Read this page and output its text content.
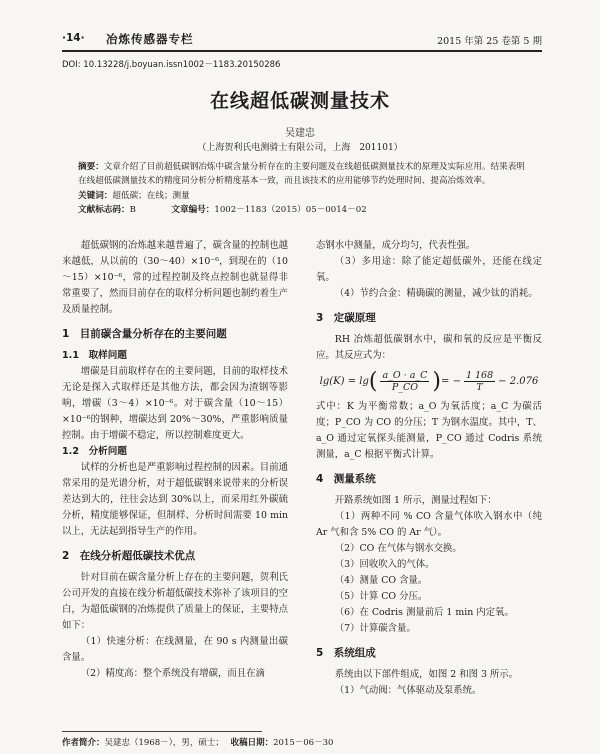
·14· 冶炼传感器专栏	2015 年第 25 卷第 5 期
DOI: 10.13228/j.boyuan.issn1002－1183.20150286
在线超低碳测量技术
吴建忠
（上海贺利氏电测骑士有限公司，上海　201101）
摘要：文章介绍了目前超低碳钢冶炼中碳含量分析存在的主要问题及在线超低碳测量技术的原理及实际应用。结果表明在线超低碳测量技术的精度同分析分析精度基本一致，而且该技术的应用能够节约处理时间、提高冶炼效率。
关键词：超低碳；在线；测量
文献标志码：B	文章编号：1002－1183（2015）05－0014－02

超低碳钢的冶炼越来越普遍了，碳含量的控制也越来越低，从以前的（30～40）×10⁻⁶，到现在的（10～15）×10⁻⁶，常的过程控制及终点控制也就显得非常重要了，然而目前存在的取样分析问题也制约着生产及质量控制。

1　目前碳含量分析存在的主要问题
1.1　取样问题

增碳是目前取样存在的主要问题，目前的取样技术无论是探入式取样还是其他方法，都会因为渣钢等影响，增碳（3～4）×10⁻⁶。对于碳含量（10～15）×10⁻⁶的钢种，增碳达到 20%～30%，严重影响质量控制。由于增碳不稳定，所以控制难度更大。

1.2　分析问题

试样的分析也是严重影响过程控制的因素。目前通常采用的是光谱分析，对于超低碳钢来说带来的分析误差达到大的，往往会达到 30%以上，而采用红外碳硫分析，精度能够保证，但制样、分析时间需要 10 min 以上，无法起到指导生产的作用。

2　在线分析超低碳技术优点

针对目前在碳含量分析上存在的主要问题，贺利氏公司开发的直接在线分析超低碳技术弥补了该项目的空白，为超低碳钢的冶炼提供了质量上的保证，主要特点如下：

（1）快速分析：在线测量，在 90 s 内测量出碳含量。

（2）精度高：整个系统没有增碳，而且在滴

态钢水中测量，成分均匀，代表性强。

（3）多用途：除了能定超低碳外，还能在线定氧。

（4）节约合金：精确碳的测量，减少钛的消耗。

3　定碳原理

RH 冶炼超低碳钢水中，碳和氧的反应是平衡反应。其反应式为：

lg(K) = lg ( $\frac{a\_O \cdot a\_C}{P\_CO}$ ) = − $\frac{1 168}{T} - 2.076$

式中：K 为平衡常数；a_O 为氧活度；a_C 为碳活度；P_CO 为 CO 的分压；T 为钢水温度。其中，T、a_O 通过定氧探头能测量，P_CO 通过 Codris 系统测量，a_C 根据平衡式计算。

4　测量系统

开路系统如图 1 所示，测量过程如下：

（1）两种不同 % CO 含量气体吹入钢水中（纯 Ar 气和含 5% CO 的 Ar 气）。

（2）CO 在气体与钢水交换。

（3）回收吹入的气体。

（4）测量 CO 含量。

（5）计算 CO 分压。

（6）在 Codris 测量前后 1 min 内定氧。

（7）计算碳含量。

5　系统组成

系统由以下部件组成，如图 2 和图 3 所示。

（1）气动阀：气体驱动及泵系统。

作者简介：吴建忠（1968－），男，硕士； 收稿日期：2015－06－30
